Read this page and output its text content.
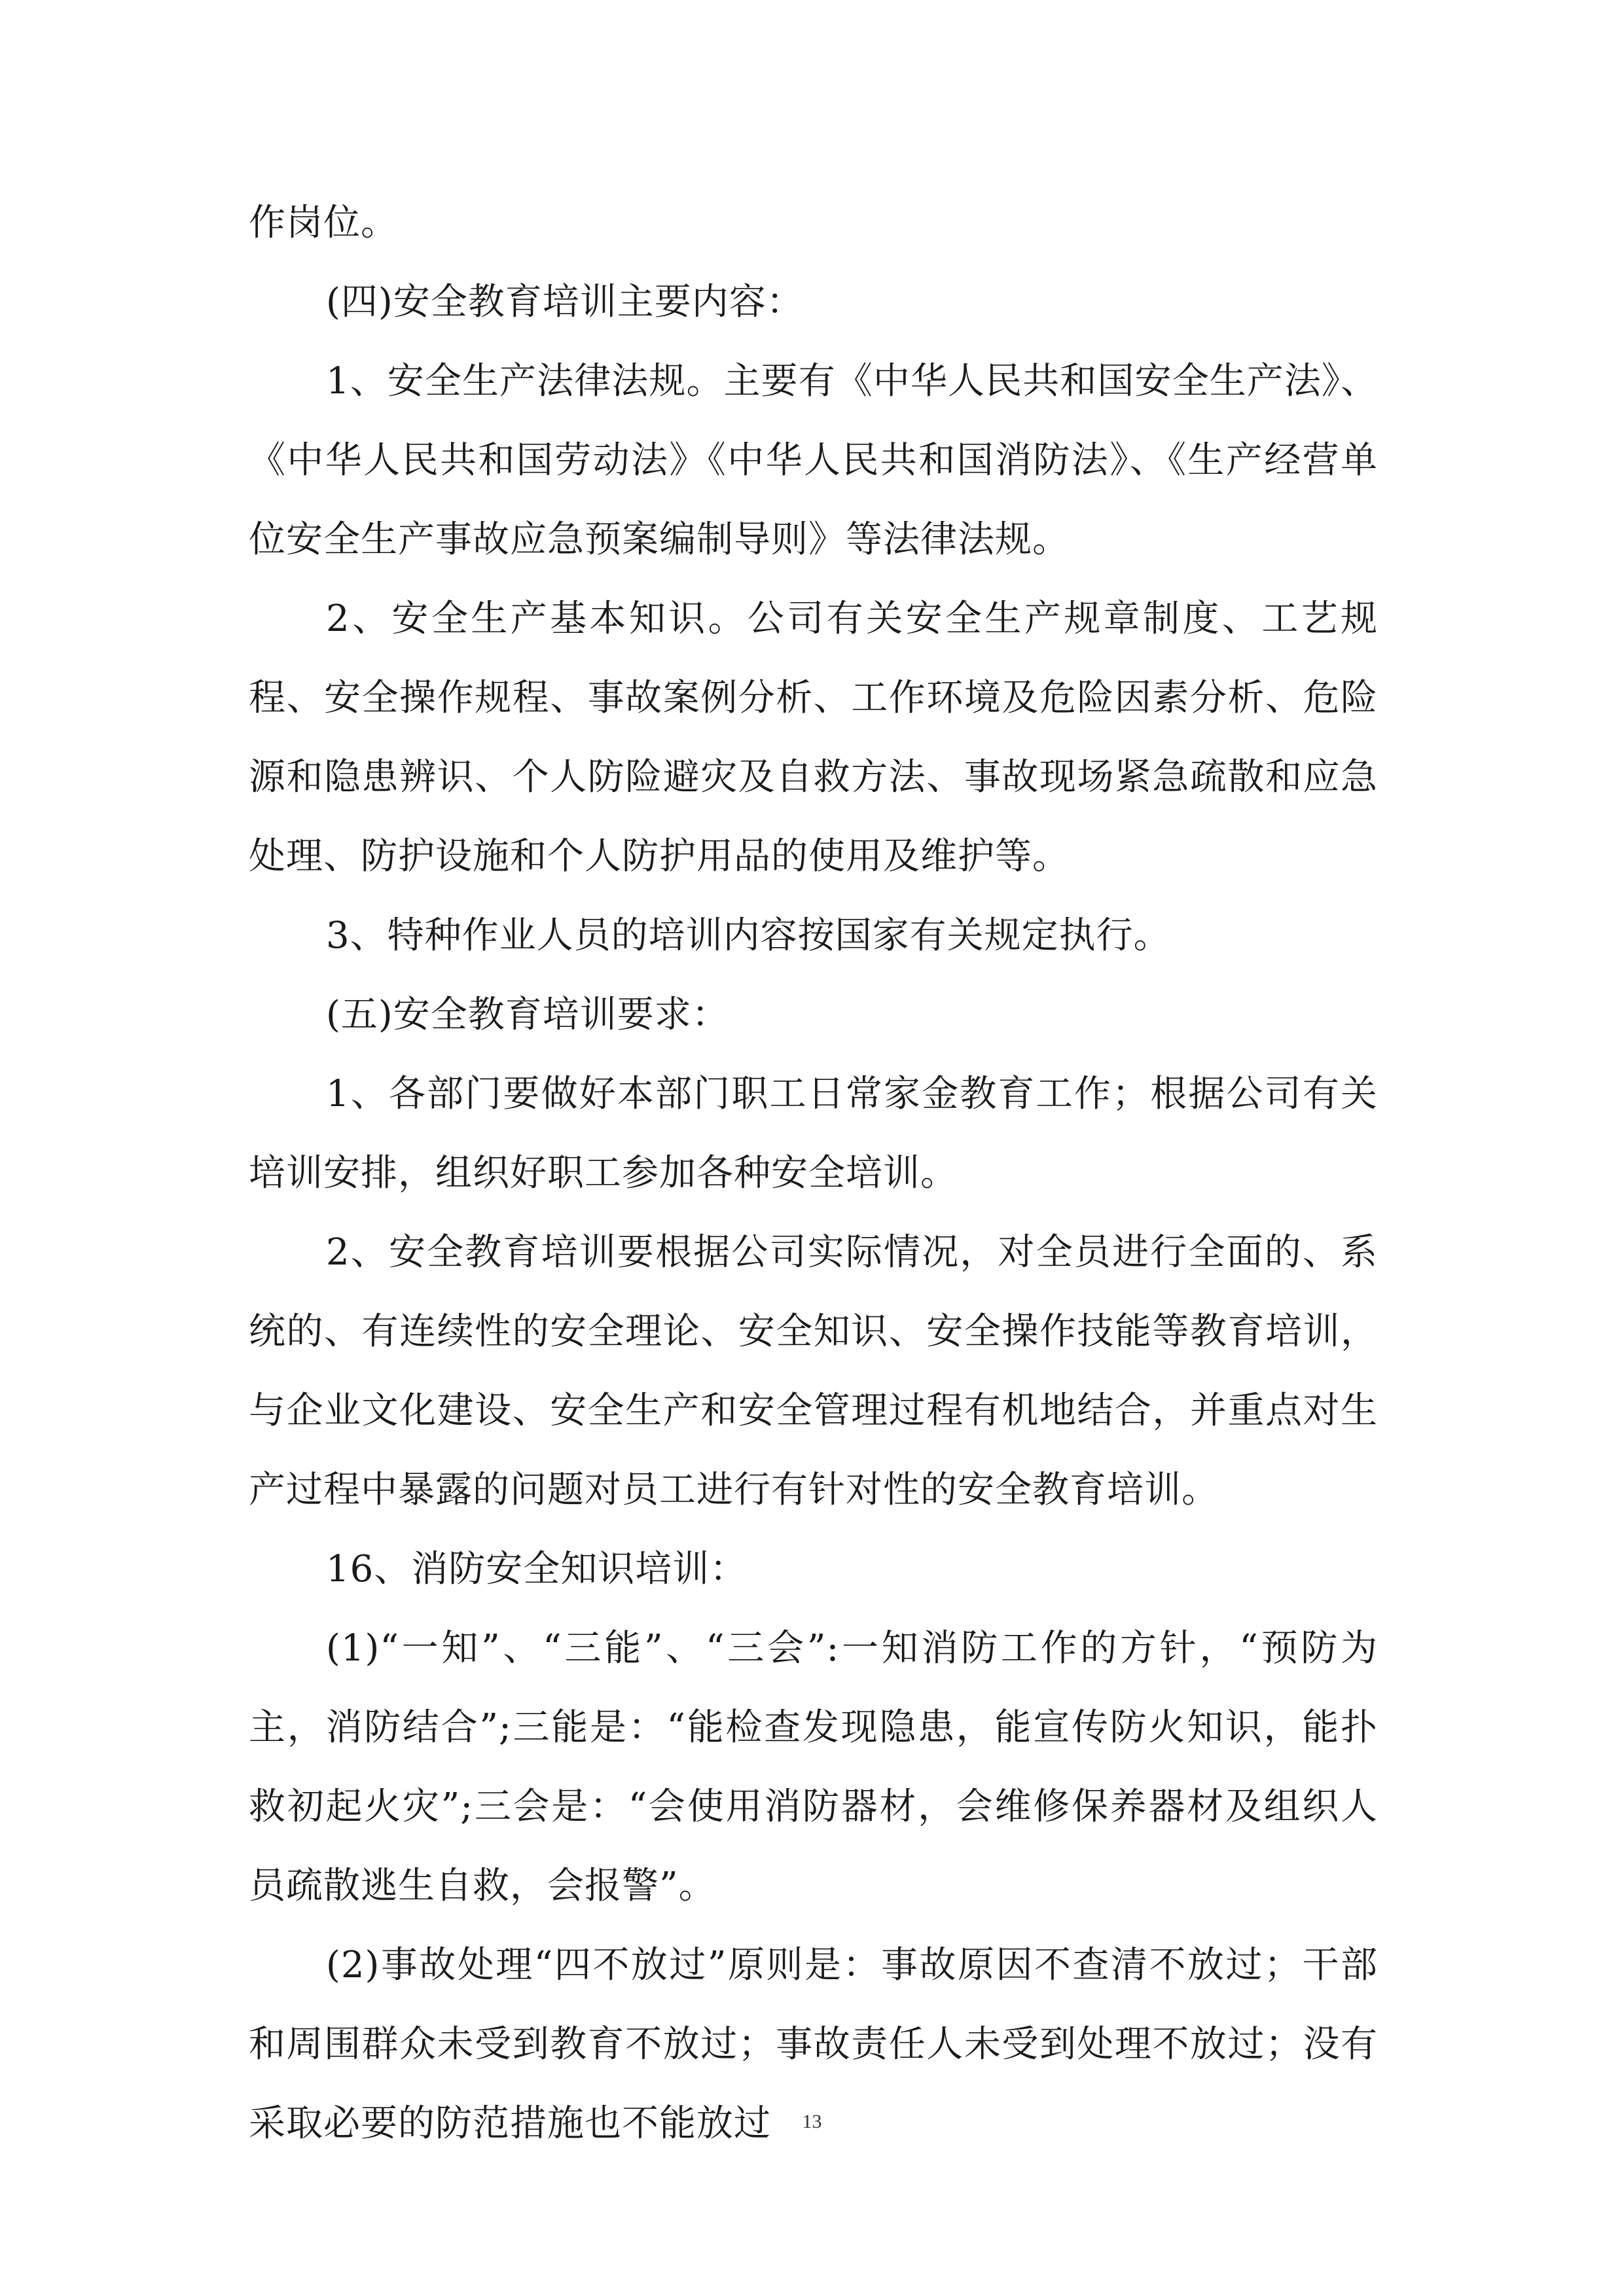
作岗位。

(四)安全教育培训主要内容：

1、安全生产法律法规。主要有《中华人民共和国安全生产法》、《中华人民共和国劳动法》《中华人民共和国消防法》、《生产经营单位安全生产事故应急预案编制导则》等法律法规。

2、安全生产基本知识。公司有关安全生产规章制度、工艺规程、安全操作规程、事故案例分析、工作环境及危险因素分析、危险源和隐患辨识、个人防险避灾及自救方法、事故现场紧急疏散和应急处理、防护设施和个人防护用品的使用及维护等。

3、特种作业人员的培训内容按国家有关规定执行。

(五)安全教育培训要求：

1、各部门要做好本部门职工日常家金教育工作；根据公司有关培训安排，组织好职工参加各种安全培训。

2、安全教育培训要根据公司实际情况，对全员进行全面的、系统的、有连续性的安全理论、安全知识、安全操作技能等教育培训，与企业文化建设、安全生产和安全管理过程有机地结合，并重点对生产过程中暴露的问题对员工进行有针对性的安全教育培训。

16、消防安全知识培训：

(1)“一知”、“三能”、“三会”:一知消防工作的方针，“预防为主，消防结合”;三能是：“能检查发现隐患，能宣传防火知识，能扑救初起火灾”;三会是：“会使用消防器材，会维修保养器材及组织人员疏散逃生自救，会报警”。

(2)事故处理“四不放过”原则是：事故原因不查清不放过；干部和周围群众未受到教育不放过；事故责任人未受到处理不放过；没有采取必要的防范措施也不能放过	13
